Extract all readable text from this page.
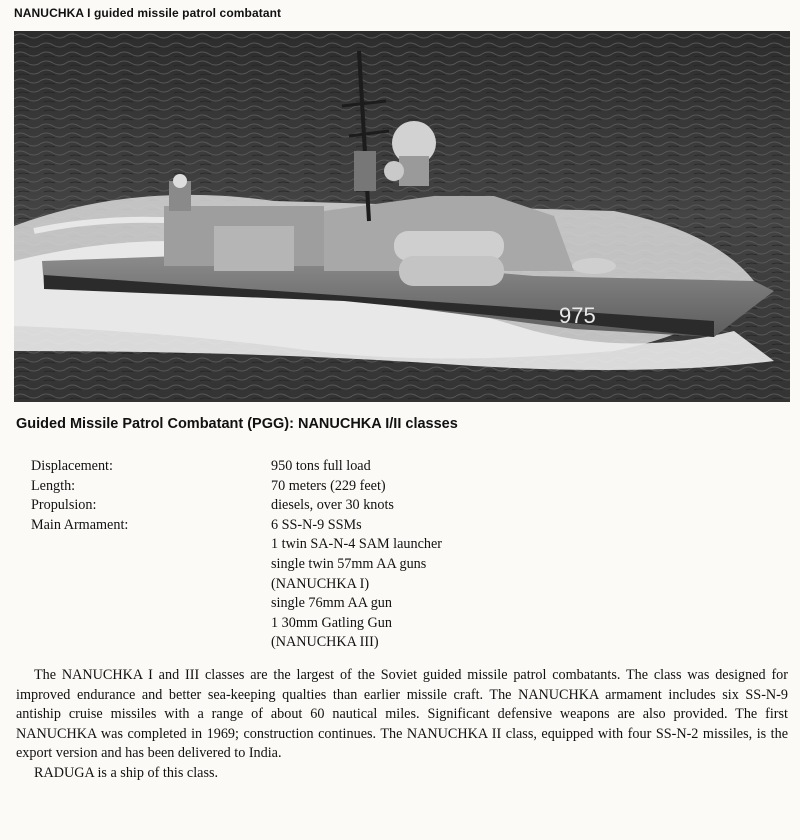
NANUCHKA I guided missile patrol combatant
975
Guided Missile Patrol Combatant (PGG): NANUCHKA I/II classes
Displacement:	950 tons full load
Length:	70 meters (229 feet)
Propulsion:	diesels, over 30 knots
Main Armament:	6 SS-N-9 SSMs
1 twin SA-N-4 SAM launcher
single twin 57mm AA guns
(NANUCHKA I)
single 76mm AA gun
1 30mm Gatling Gun
(NANUCHKA III)

The NANUCHKA I and III classes are the largest of the Soviet guided missile patrol combatants. The class was designed for improved endurance and better sea-keeping qualties than earlier missile craft. The NANUCHKA armament includes six SS-N-9 antiship cruise missiles with a range of about 60 nautical miles. Significant defensive weapons are also provided. The first NANUCHKA was completed in 1969; construction continues. The NANUCHKA II class, equipped with four SS-N-2 missiles, is the export version and has been delivered to India.

RADUGA is a ship of this class.
